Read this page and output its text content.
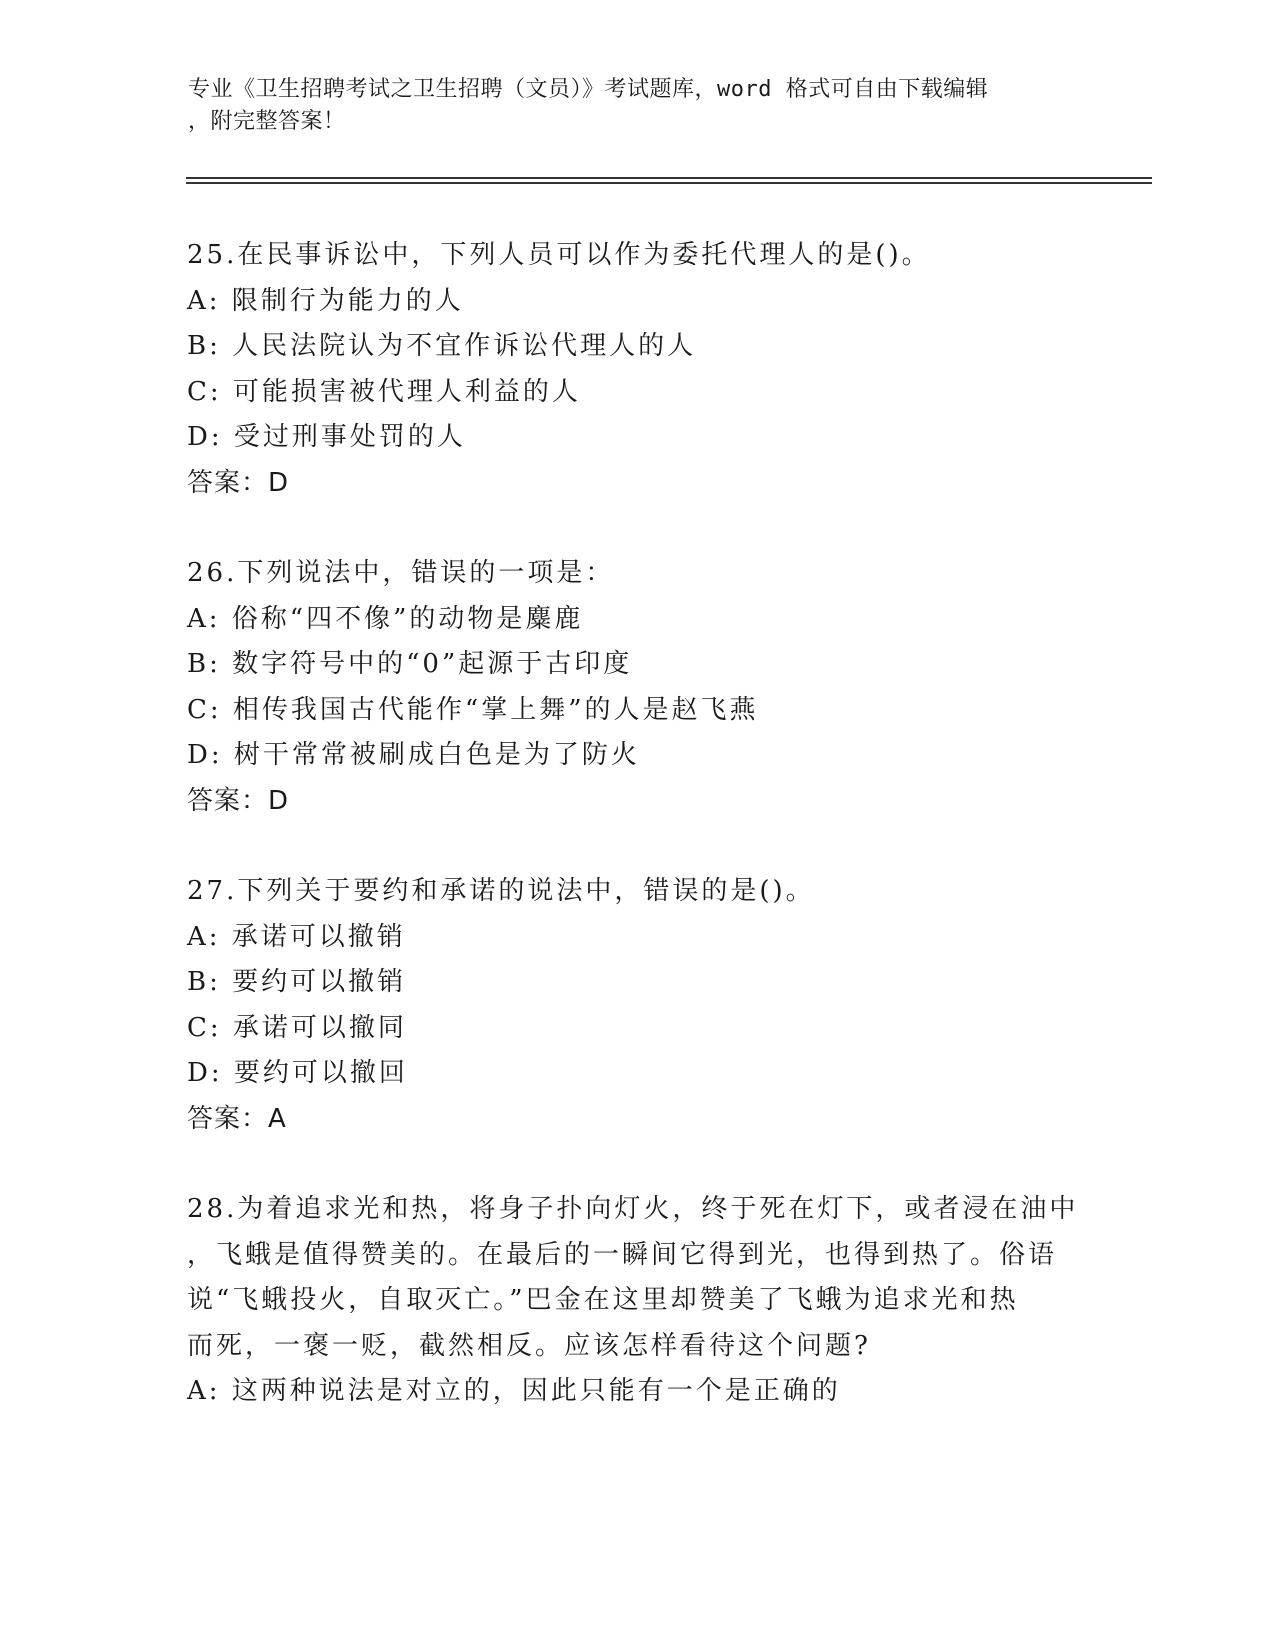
专业《卫生招聘考试之卫生招聘（文员）》考试题库，word 格式可自由下载编辑
，附完整答案！
25.在民事诉讼中，下列人员可以作为委托代理人的是()。
A: 限制行为能力的人
B: 人民法院认为不宜作诉讼代理人的人
C: 可能损害被代理人利益的人
D: 受过刑事处罚的人
答案：D
26.下列说法中，错误的一项是：
A: 俗称“四不像”的动物是麋鹿
B: 数字符号中的“0”起源于古印度
C: 相传我国古代能作“掌上舞”的人是赵飞燕
D: 树干常常被刷成白色是为了防火
答案：D
27.下列关于要约和承诺的说法中，错误的是()。
A: 承诺可以撤销
B: 要约可以撤销
C: 承诺可以撤同
D: 要约可以撤回
答案：A
28.为着追求光和热，将身子扑向灯火，终于死在灯下，或者浸在油中
，飞蛾是值得赞美的。在最后的一瞬间它得到光，也得到热了。俗语
说“飞蛾投火，自取灭亡。”巴金在这里却赞美了飞蛾为追求光和热
而死，一褒一贬，截然相反。应该怎样看待这个问题?
A: 这两种说法是对立的，因此只能有一个是正确的
